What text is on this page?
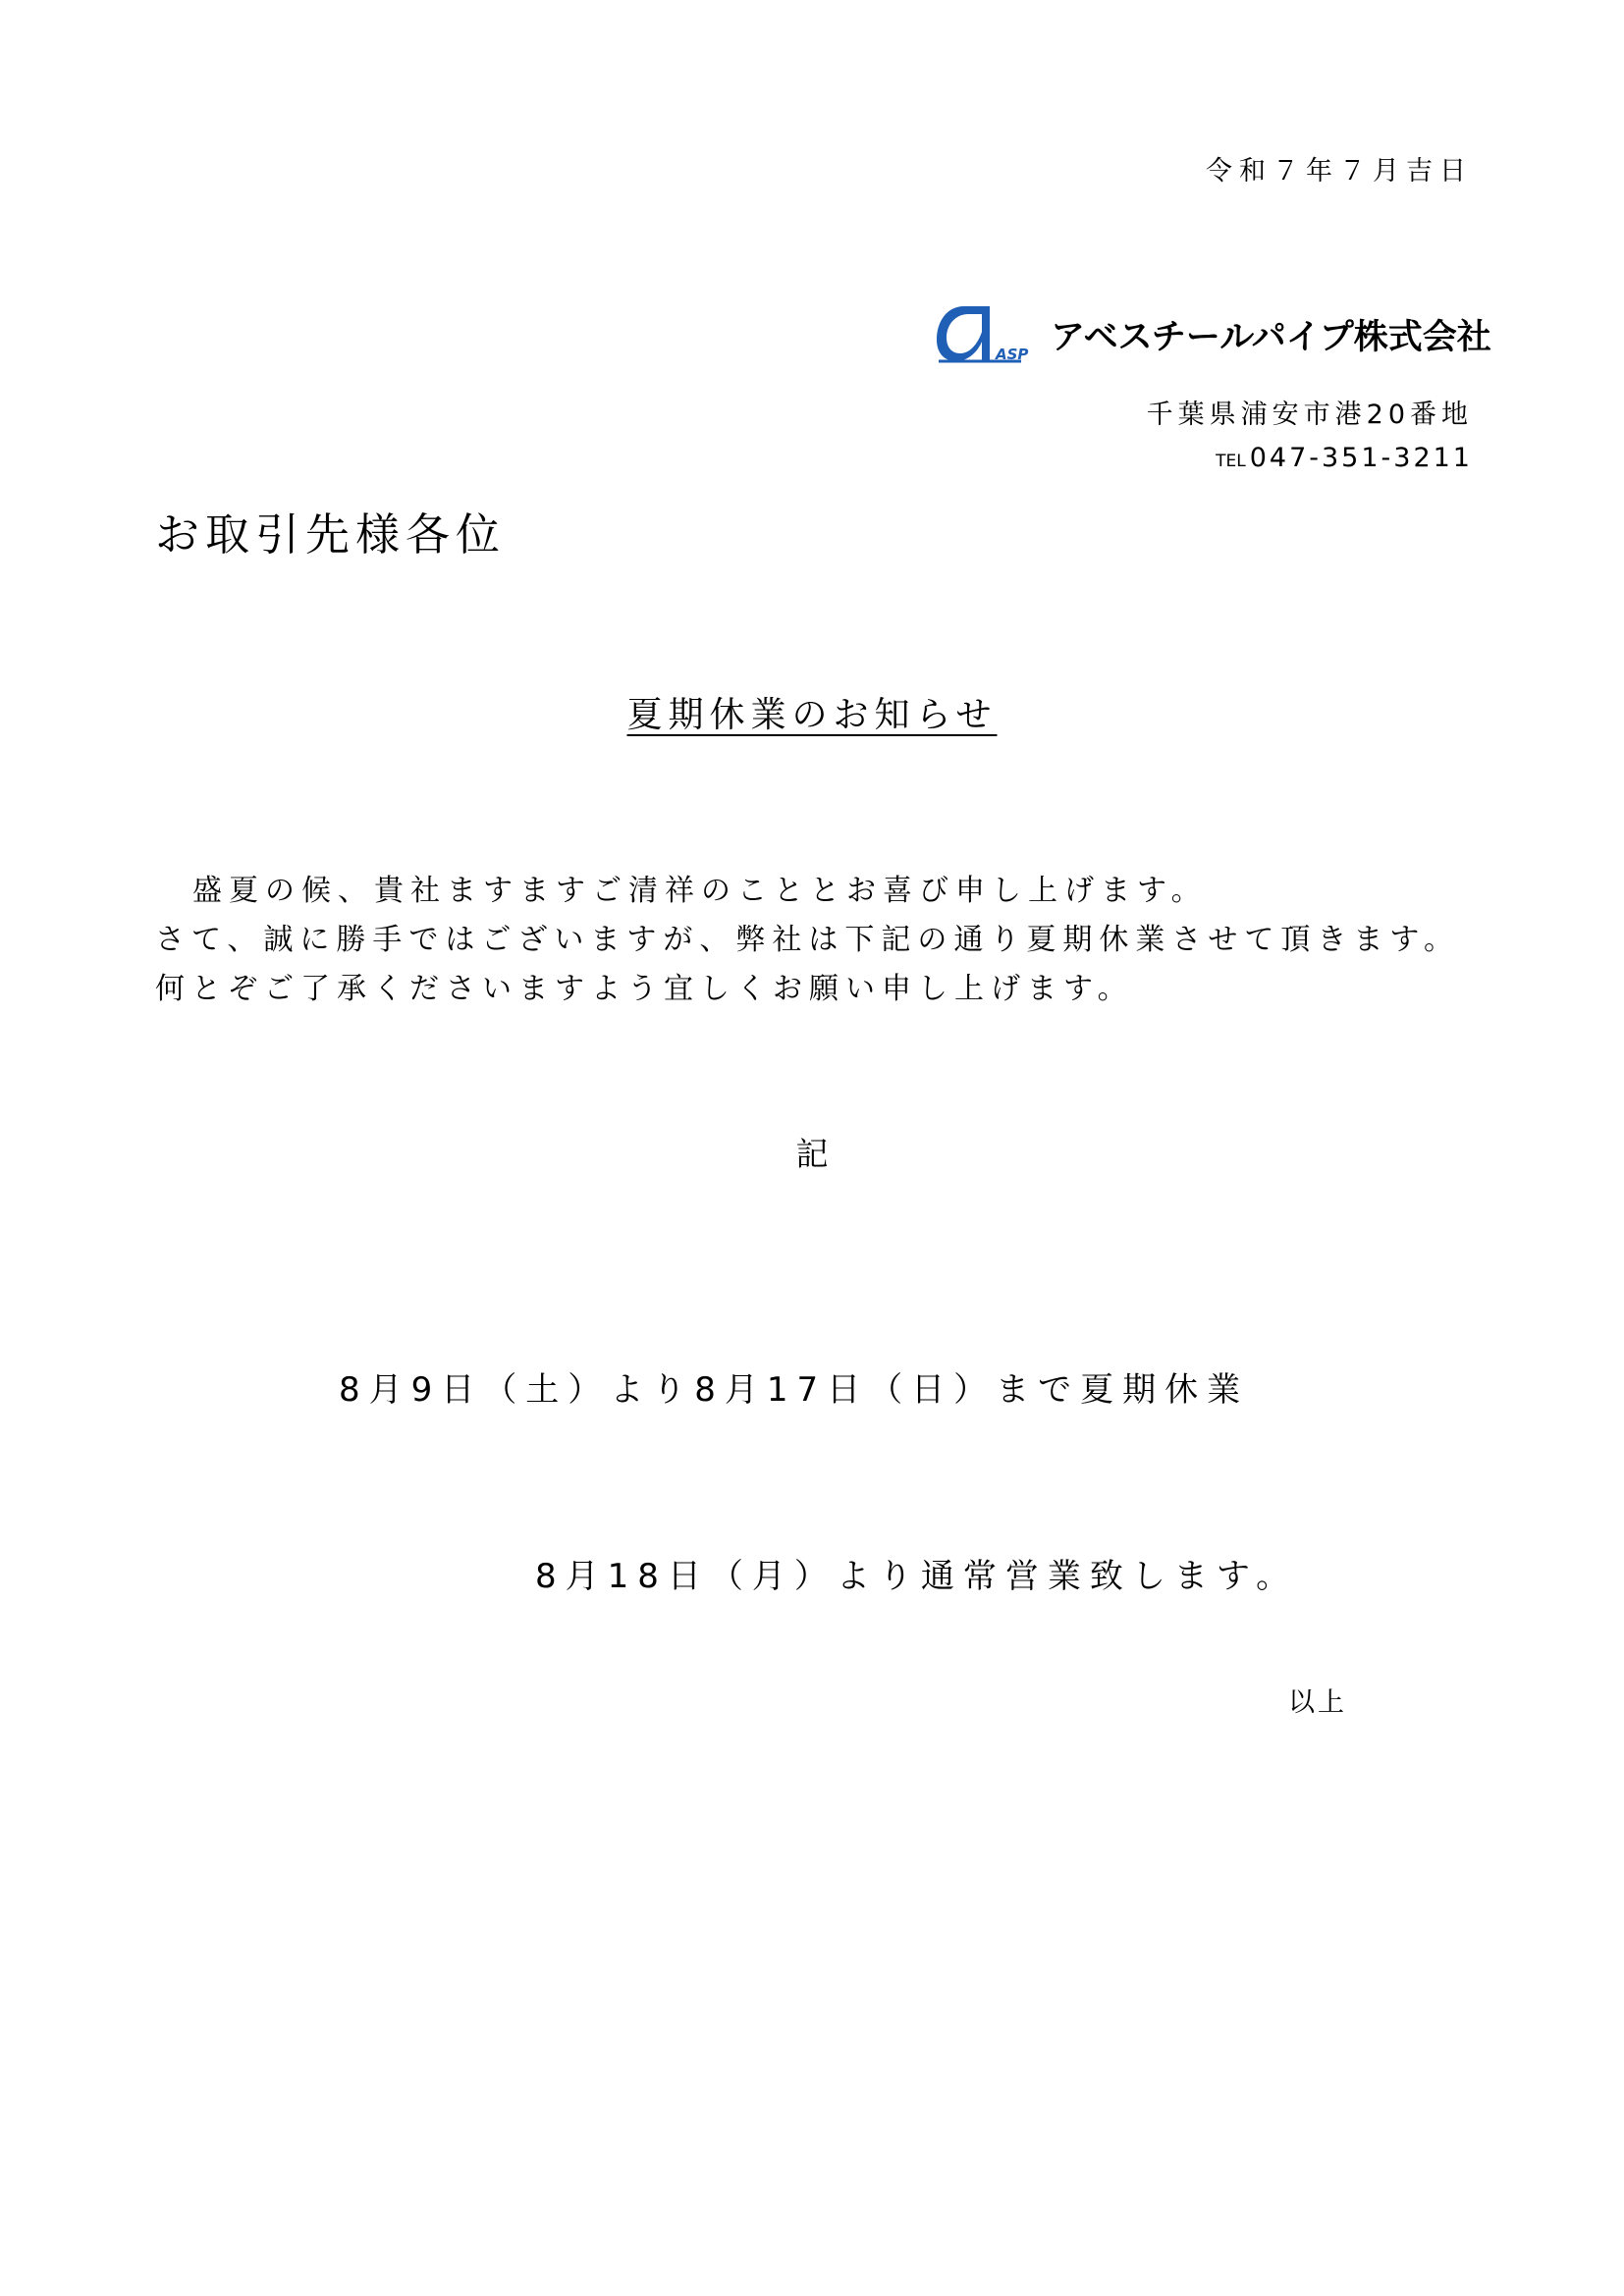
令和７年７月吉日
ASP アベスチールパイプ株式会社
千葉県浦安市港20番地
TEL 047-351-3211
お取引先様各位
夏期休業のお知らせ
盛夏の候、貴社ますますご清祥のこととお喜び申し上げます。
さて、誠に勝手ではございますが、弊社は下記の通り夏期休業させて頂きます。
何とぞご了承くださいますよう宜しくお願い申し上げます。
記
8月9日（土）より8月17日（日）まで夏期休業
8月18日（月）より通常営業致します。
以上
